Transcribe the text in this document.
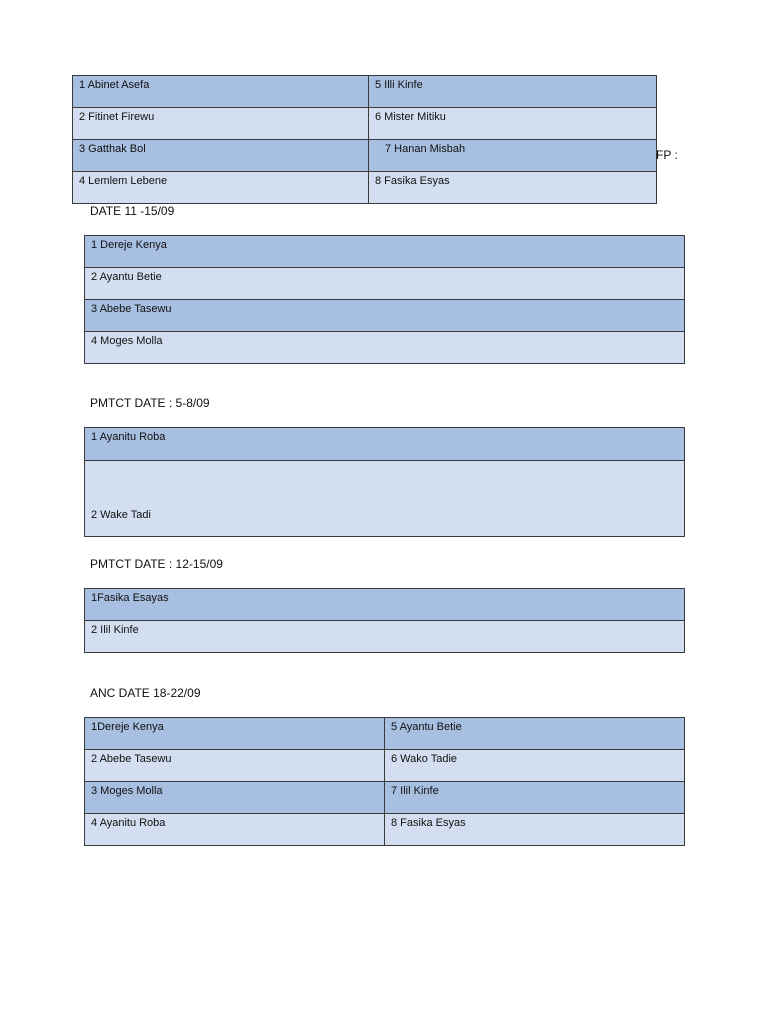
1 Abinet Asefa	5 Illi Kinfe
2 Fitinet Firewu	6 Mister Mitiku
3 Gatthak Bol	7 Hanan Misbah
4 Lemlem Lebene	8 Fasika Esyas
FP :
DATE 11 -15/09
1 Dereje Kenya
2 Ayantu Betie
3 Abebe Tasewu
4 Moges Molla
PMTCT DATE : 5-8/09
1 Ayanitu Roba
2 Wake Tadi
PMTCT DATE : 12-15/09
1Fasika Esayas
2 Ilil Kinfe
ANC DATE 18-22/09
1Dereje Kenya	5 Ayantu Betie
2 Abebe Tasewu	6 Wako Tadie
3 Moges Molla	7 Ilil Kinfe
4 Ayanitu Roba	8 Fasika Esyas
